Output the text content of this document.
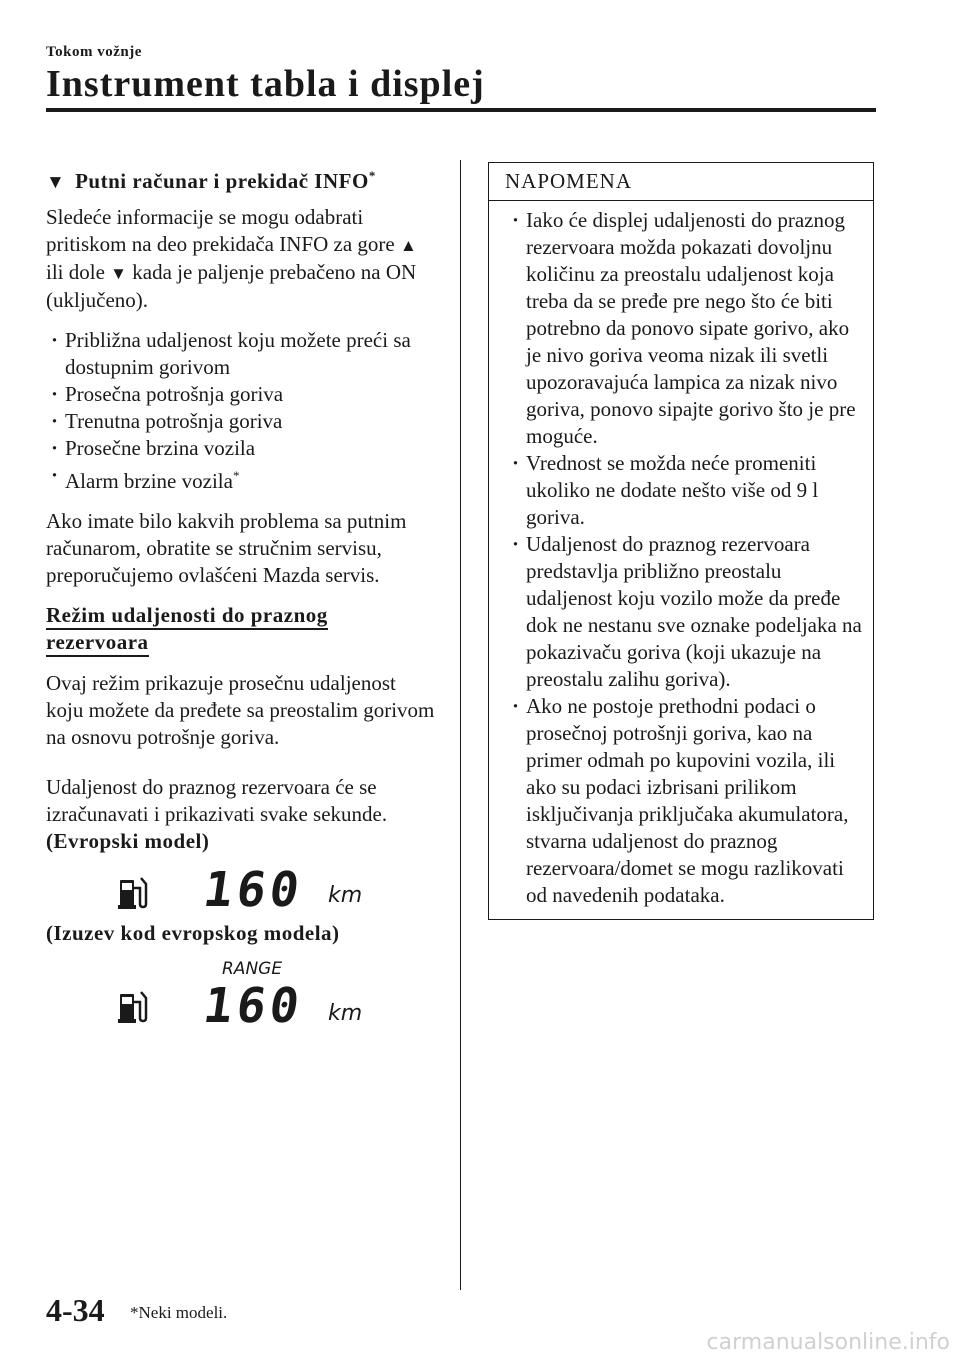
Tokom vožnje
Instrument tabla i displej
▼ Putni računar i prekidač INFO*

Sledeće informacije se mogu odabrati pritiskom na deo prekidača INFO za gore ▲ ili dole ▼ kada je paljenje prebačeno na ON (uključeno).

· Približna udaljenost koju možete preći sa dostupnim gorivom
· Prosečna potrošnja goriva
· Trenutna potrošnja goriva
· Prosečne brzina vozila
· Alarm brzine vozila*

Ako imate bilo kakvih problema sa putnim računarom, obratite se stručnim servisu, preporučujemo ovlašćeni Mazda servis.

Režim udaljenosti do praznog
rezervoara

Ovaj režim prikazuje prosečnu udaljenost koju možete da pređete sa preostalim gorivom na osnovu potrošnje goriva.

Udaljenost do praznog rezervoara će se izračunavati i prikazivati svake sekunde.

(Evropski model)

160 km

(Izuzev kod evropskog modela)

RANGE
160 km
NAPOMENA
· Iako će displej udaljenosti do praznog rezervoara možda pokazati dovoljnu količinu za preostalu udaljenost koja treba da se pređe pre nego što će biti potrebno da ponovo sipate gorivo, ako je nivo goriva veoma nizak ili svetli upozoravajuća lampica za nizak nivo goriva, ponovo sipajte gorivo što je pre moguće.
· Vrednost se možda neće promeniti ukoliko ne dodate nešto više od 9 l goriva.
· Udaljenost do praznog rezervoara predstavlja približno preostalu udaljenost koju vozilo može da pređe dok ne nestanu sve oznake podeljaka na pokazivaču goriva (koji ukazuje na preostalu zalihu goriva).
· Ako ne postoje prethodni podaci o prosečnoj potrošnji goriva, kao na primer odmah po kupovini vozila, ili ako su podaci izbrisani prilikom isključivanja priključaka akumulatora, stvarna udaljenost do praznog rezervoara/domet se mogu razlikovati od navedenih podataka.
4-34 *Neki modeli.
carmanualsonline.info
